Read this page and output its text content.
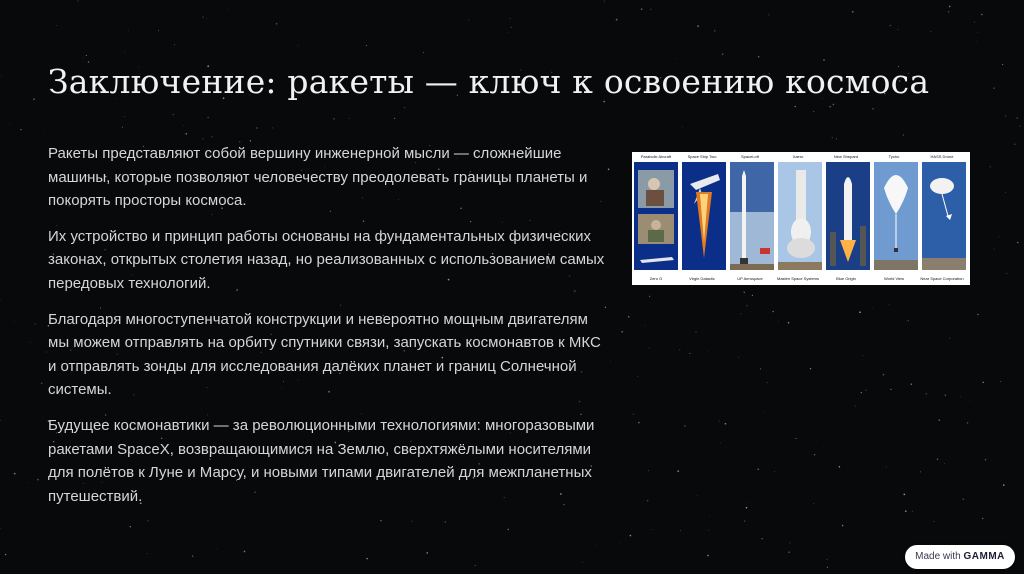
Заключение: ракеты — ключ к освоению космоса

Ракеты представляют собой вершину инженерной мысли — сложнейшие машины, которые позволяют человечеству преодолевать границы планеты и покорять просторы космоса.

Их устройство и принцип работы основаны на фундаментальных физических законах, открытых столетия назад, но реализованных с использованием самых передовых технологий.

Благодаря многоступенчатой конструкции и невероятно мощным двигателям мы можем отправлять на орбиту спутники связи, запускать космонавтов к МКС и отправлять зонды для исследования далёких планет и границ Солнечной системы.

Будущее космонавтики — за революционными технологиями: многоразовыми ракетами SpaceX, возвращающимися на Землю, сверхтяжёлыми носителями для полётов к Луне и Марсу, и новыми типами двигателей для межпланетных путешествий.

Parabolic Aircraft
Zero G
Space Ship Two
Virgin Galactic
SpaceLoft
UP Aerospace
Xaero
Masten Space Systems
New Shepard
Blue Origin
Tycho
World View
HASS Drone
Near Space Corporation
Made with GAMMA
